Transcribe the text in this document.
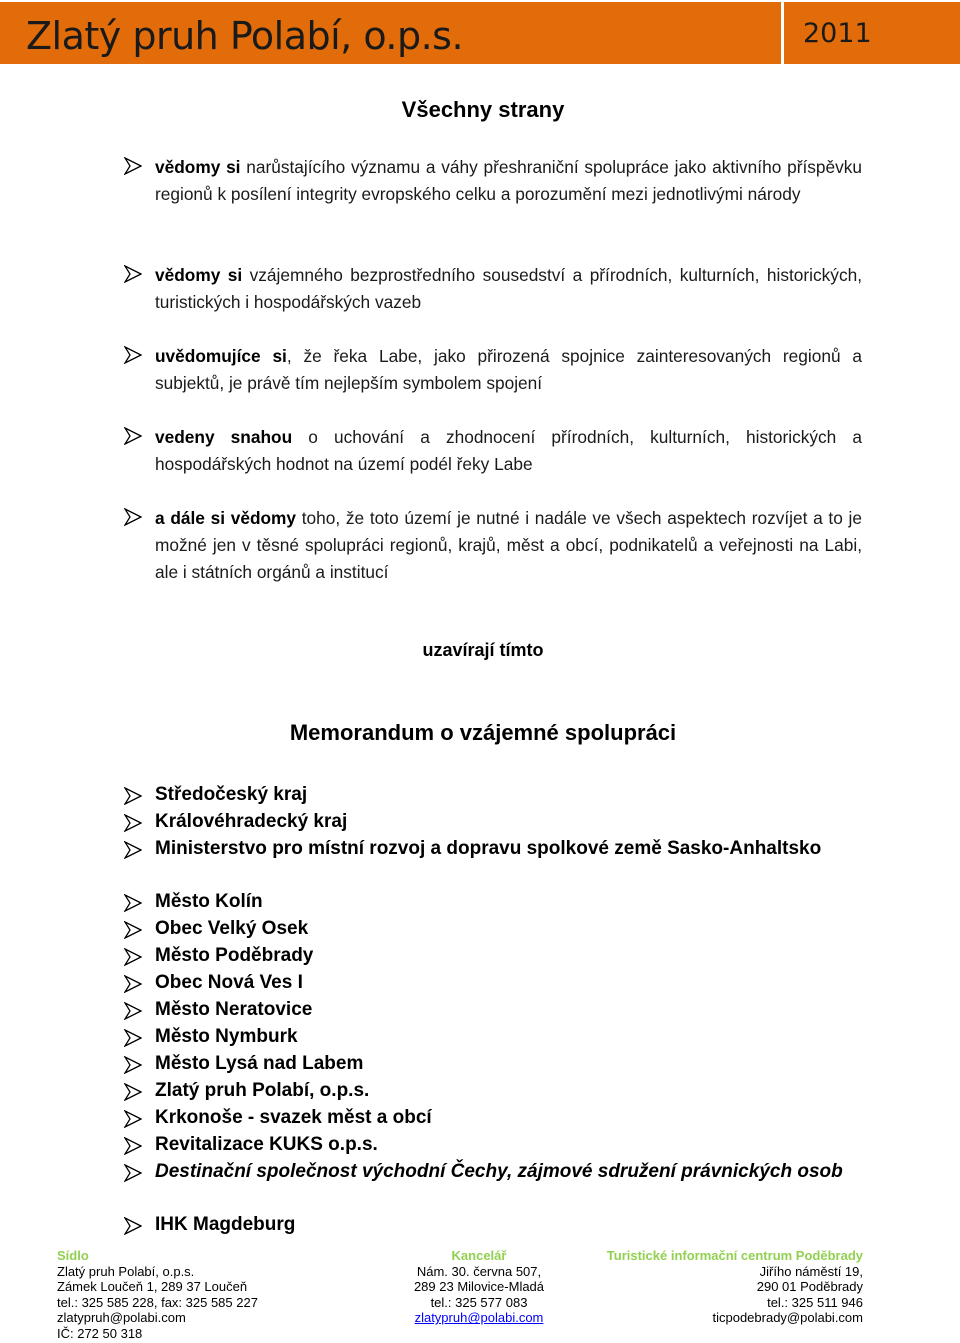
Zlatý pruh Polabí, o.p.s.	2011
Všechny strany
vědomy si narůstajícího významu a váhy přeshraniční spolupráce jako aktivního příspěvku regionů k posílení integrity evropského celku a porozumění mezi jednotlivými národy
vědomy si vzájemného bezprostředního sousedství a přírodních, kulturních, historických, turistických i hospodářských vazeb
uvědomujíce si, že řeka Labe, jako přirozená spojnice zainteresovaných regionů a subjektů, je právě tím nejlepším symbolem spojení
vedeny snahou o uchování a zhodnocení přírodních, kulturních, historických a hospodářských hodnot na území podél řeky Labe
a dále si vědomy toho, že toto území je nutné i nadále ve všech aspektech rozvíjet a to je možné jen v těsné spolupráci regionů, krajů, měst a obcí, podnikatelů a veřejnosti na Labi, ale i státních orgánů a institucí
uzavírají tímto
Memorandum o vzájemné spolupráci
Středočeský kraj
Královéhradecký kraj
Ministerstvo pro místní rozvoj a dopravu spolkové země Sasko-Anhaltsko
Město Kolín
Obec Velký Osek
Město Poděbrady
Obec Nová Ves I
Město Neratovice
Město Nymburk
Město Lysá nad Labem
Zlatý pruh Polabí, o.p.s.
Krkonoše - svazek měst a obcí
Revitalizace KUKS o.p.s.
Destinační společnost východní Čechy, zájmové sdružení právnických osob
IHK Magdeburg
Sídlo
Zlatý pruh Polabí, o.p.s.
Zámek Loučeň 1, 289 37 Loučeň
tel.: 325 585 228, fax: 325 585 227
zlatypruh@polabi.com
IČ: 272 50 318
Kancelář
Nám. 30. června 507,
289 23 Milovice-Mladá
tel.: 325 577 083
zlatypruh@polabi.com
Turistické informační centrum Poděbrady
Jiřího náměstí 19,
290 01 Poděbrady
tel.: 325 511 946
ticpodebrady@polabi.com
